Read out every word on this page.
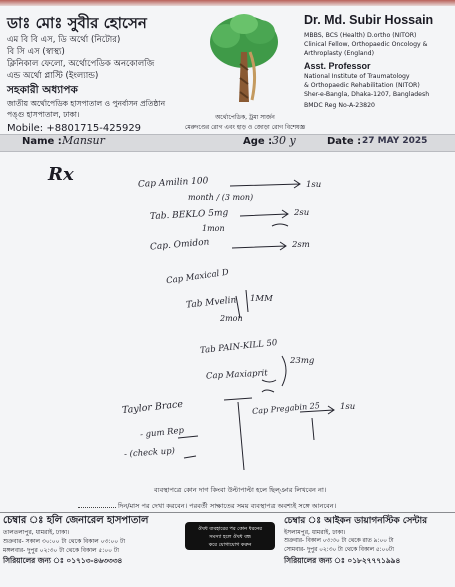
ডাঃ মোঃ সুবীর হোসেন
এম বি বি এস, ডি অর্থো (নিটোর)
বি সি এস (স্বাস্থ্য)
ক্লিনিকাল ফেলো, অর্থোপেডিক অনকোলজি
এন্ড অর্থো প্লাস্টি (ইংল্যান্ড)
সহকারী অধ্যাপক
জাতীয় অর্থোপেডিক হাসপাতাল ও পুনর্বাসন প্রতিষ্ঠান
পঙ্গু হাসপাতাল, ঢাকা।
Mobile: +8801715-425929
অর্থোপেডিক, ট্রমা সার্জন
মেরুদণ্ডের রোগ এবং হাড় ও জোড়া রোগ বিশেষজ্ঞ
Dr. Md. Subir Hossain
MBBS, BCS (Health) D.ortho (NITOR)
Clinical Fellow, Orthopaedic Oncology &
Arthroplasty (England)
Asst. Professor
National Institute of Traumatology
& Orthopaedic Rehabilitation (NITOR)
Sher-e-Bangla, Dhaka-1207, Bangladesh
BMDC Reg No-A-23820
Name : Mansur	Age : 30 y	Date : 27 MAY 2025
Rx	Cap Amilin 100
month / (3 mon)
Tab. BEKLO 5mg
1mon
Cap. Omidon
Cap Maxical D
Tab Mvelin
2mon
Tab PAIN-KILL 50
Cap Maxiaprit
Taylor Brace
- gum Rep
- (check up)
Cap Pregabin 25
1su
2su
2sm
1MM
23mg
1su
ব্যবস্থাপত্রে কোন দাগ কিংবা উল্টাপাল্টা হলে ছিল্ঞার লিখবেন না।
দিন/মাস পর দেখা করবেন। পরবর্তী সাক্ষাতের সময় ব্যবস্থাপত্র অবশ্যই সঙ্গে আনবেন।
চেম্বার ঃ হলি জেনারেল হাসপাতাল
তালতলাপুর, ধামরাই, ঢাকা।
শুক্রবার- সকাল ৩০:০০ টা থেকে বিকাল ০৩:০০ টা
মঙ্গলবার- দুপুর ০২:৩০ টা থেকে বিকাল ৫:০০ টা
সিরিয়ালের জন্য ঃ ০১৭১৩-৪৬৩৩৩৪
ঔষধ ব্যবহারের পর কোন ধরনের
সমস্যা হলে ঔষধ বন্ধ
করে যোগাযোগ করুন
চেম্বার ঃ আইকন ডায়াগনস্টিক সেন্টার
ইসলামপুর, ধামরাই, ঢাকা।
শুক্রবার- বিকাল ০৩:৩০ টা থেকে রাত ৯:০০ টা
সোমবার- দুপুর ০২:৩০ টা থেকে বিকাল ৫:০০টা
সিরিয়ালের জন্য ঃ ০১৮২৭৭৭১৯৯৪
